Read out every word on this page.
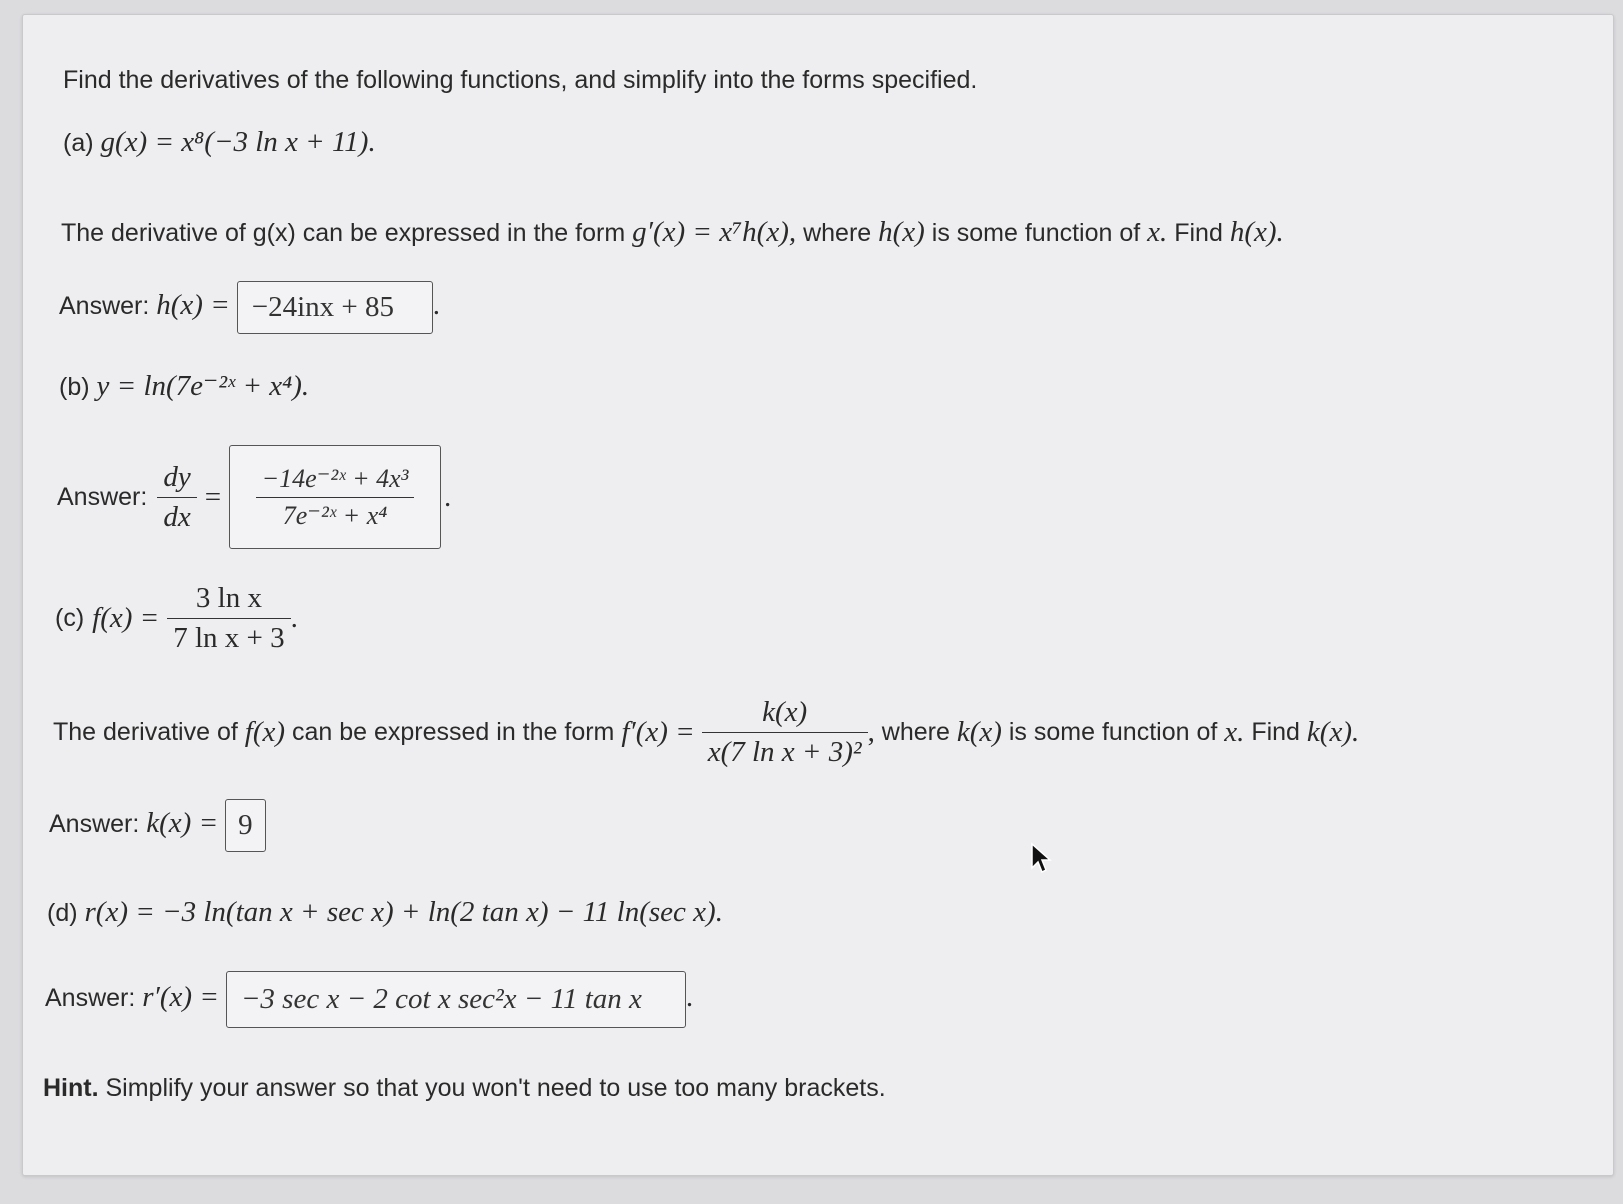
Find the derivatives of the following functions, and simplify into the forms specified.
(a) g(x) = x⁸(−3 ln x + 11).
The derivative of g(x) can be expressed in the form g′(x) = x⁷h(x), where h(x) is some function of x. Find h(x).
Answer: h(x) = −24inx + 85 .
(b) y = ln(7e⁻²ˣ + x⁴).
Answer: $\frac{dy}{dx} = \frac{\text{−14e⁻²ˣ + 4x³}}{\text{7e⁻²ˣ + x⁴}}$ .
(c) $f(x) = \frac{\text{3 ln x}}{\text{7 ln x + 3}}$ .
The derivative of
f(x)
can be expressed in the form
f′(x) =
$\frac{k(x)}{\text{x(7 ln x + 3)²}}$ ,
where
k(x)
is some function of
x.
Find
k(x).
Answer: k(x) = 9
(d) r(x) = −3 ln(tan x + sec x) + ln(2 tan x) − 11 ln(sec x).
Answer: r′(x) = −3 sec x − 2 cot x sec²x − 11 tan x .
Hint. Simplify your answer so that you won't need to use too many brackets.
